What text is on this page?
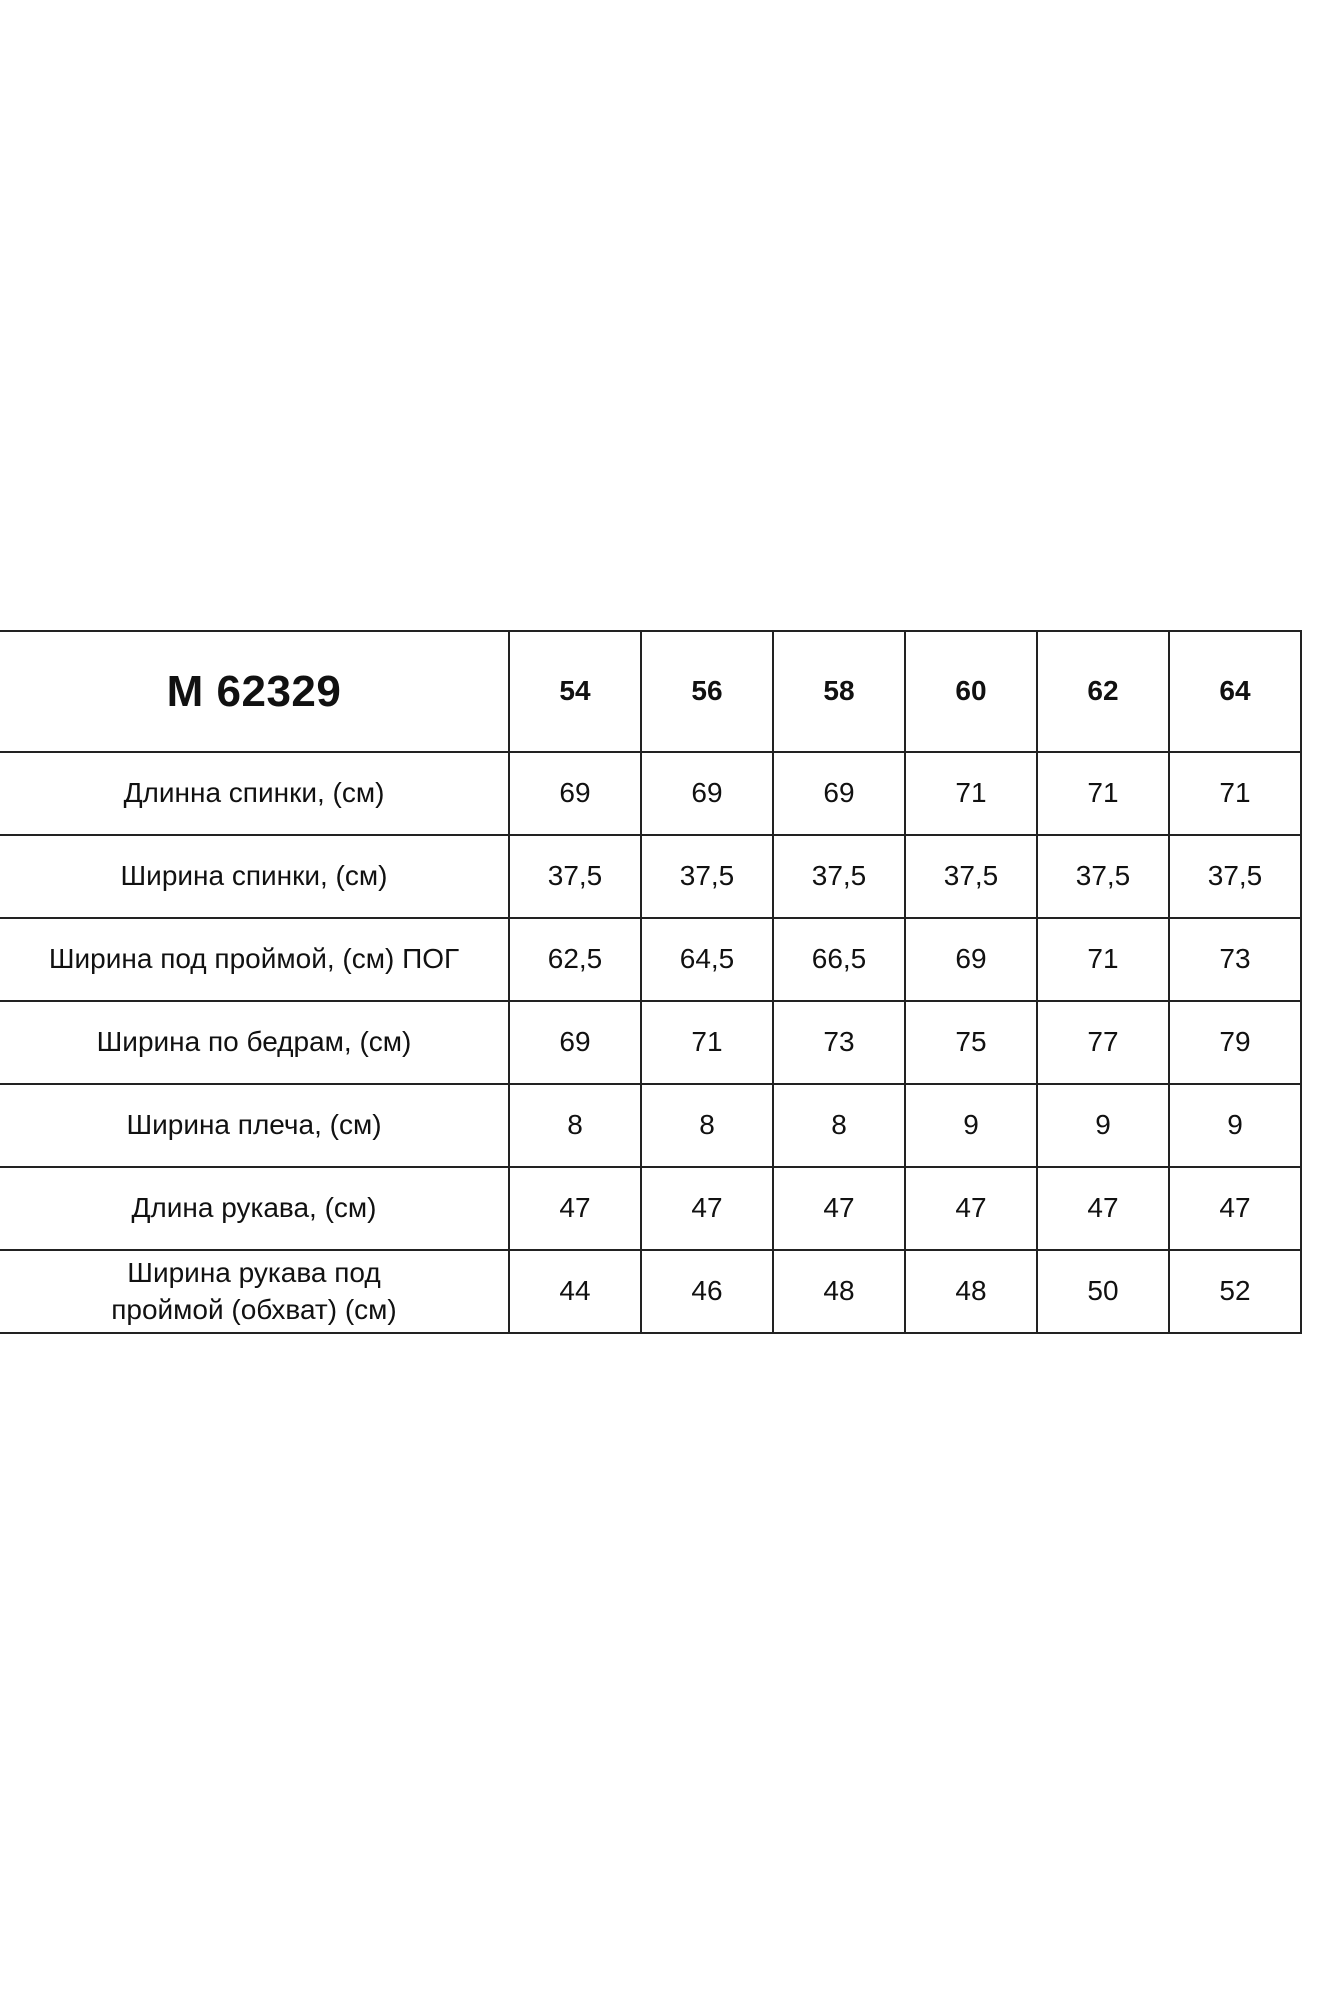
M 62329	54	56	58	60	62	64
Длинна спинки, (см)	69	69	69	71	71	71
Ширина спинки, (см)	37,5	37,5	37,5	37,5	37,5	37,5
Ширина под проймой, (см) ПОГ	62,5	64,5	66,5	69	71	73
Ширина по бедрам, (см)	69	71	73	75	77	79
Ширина плеча, (см)	8	8	8	9	9	9
Длина рукава, (см)	47	47	47	47	47	47
Ширина рукава под
проймой (обхват) (см)	44	46	48	48	50	52
